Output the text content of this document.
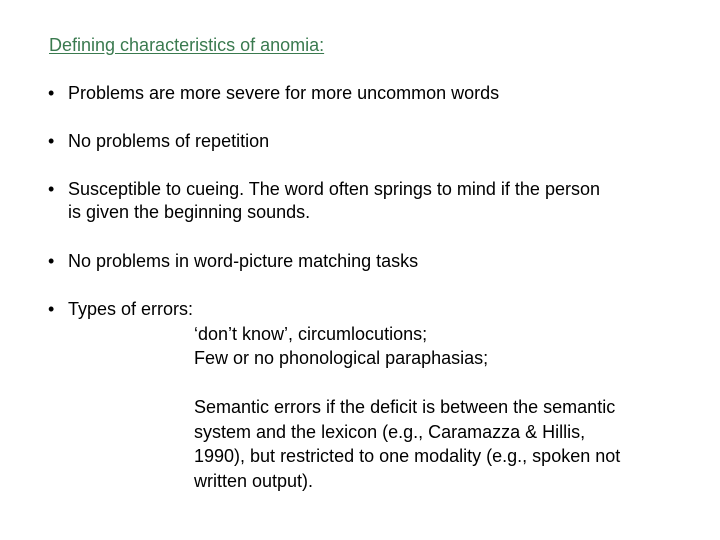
Defining characteristics of anomia:
• Problems are more severe for more uncommon words
• No problems of repetition
• Susceptible to cueing. The word often springs to mind if the person
is given the beginning sounds.
• No problems in word-picture matching tasks
• Types of errors:
‘don’t know’, circumlocutions;
Few or no phonological paraphasias;
Semantic errors if the deficit is between the semantic
system and the lexicon (e.g., Caramazza & Hillis,
1990), but restricted to one modality (e.g., spoken not
written output).
